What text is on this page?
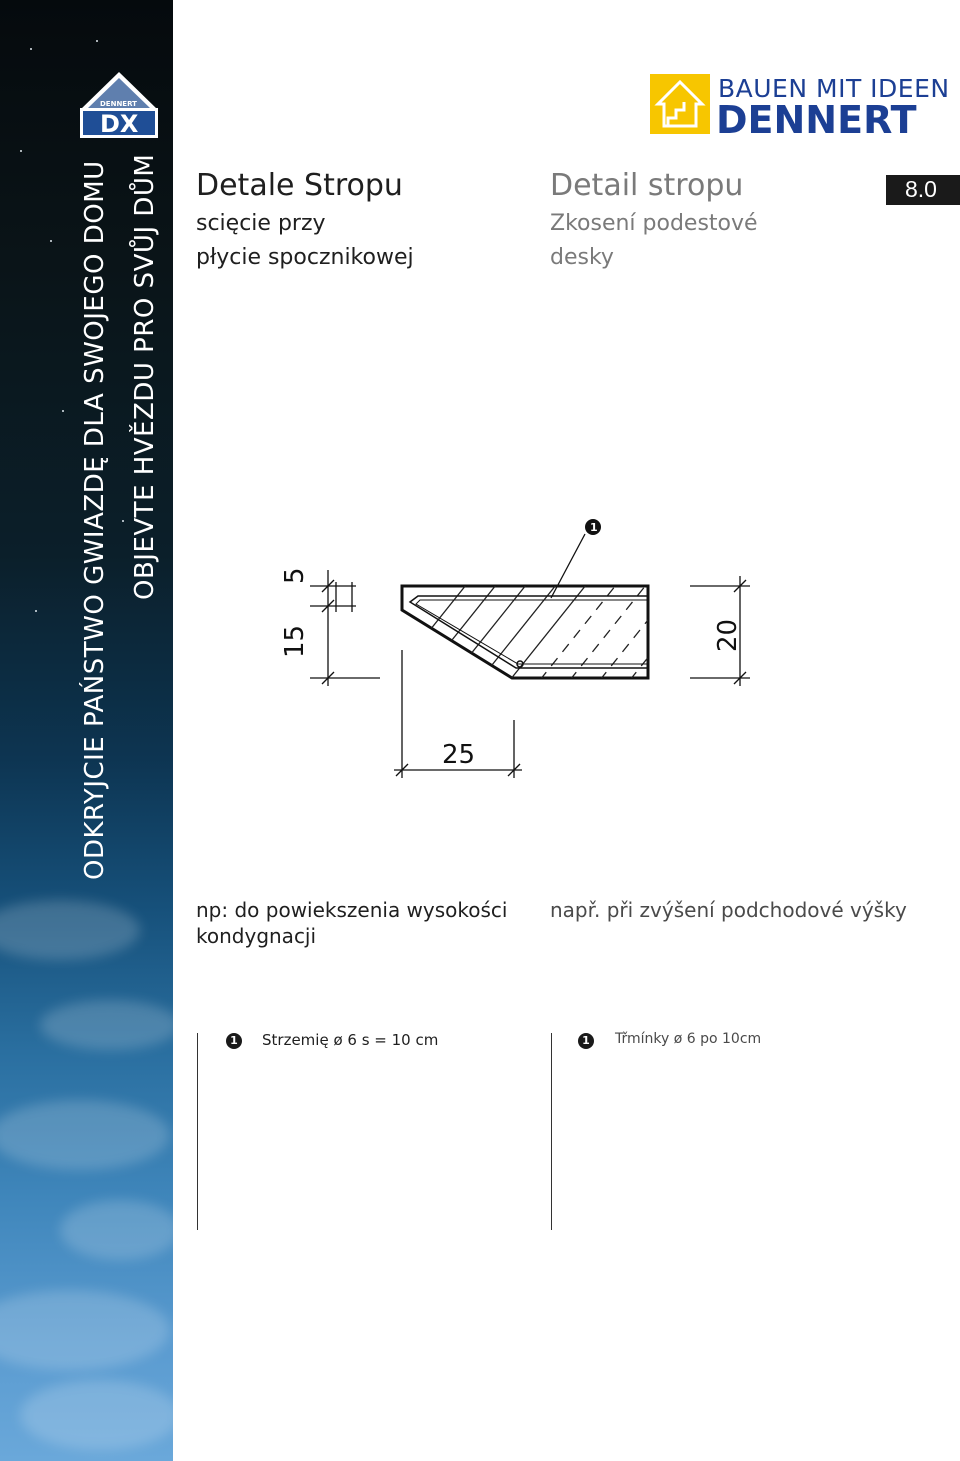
DX
DENNERT
ODKRYJCIE PAŃSTWO GWIAZDĘ DLA SWOJEGO DOMU OBJEVTE HVĚZDU PRO SVŮJ DŮM
BAUEN MIT IDEEN
DENNERT
Detale Stropu
scięcie przy
płycie spocznikowej
Detail stropu
Zkosení podestové
desky
8.0
1
5
15	20
25
np: do powiekszenia wysokości
kondygnacji
např. při zvýšení podchodové výšky
1 Strzemię ø 6 s = 10 cm	1 Třmínky ø 6 po 10cm
